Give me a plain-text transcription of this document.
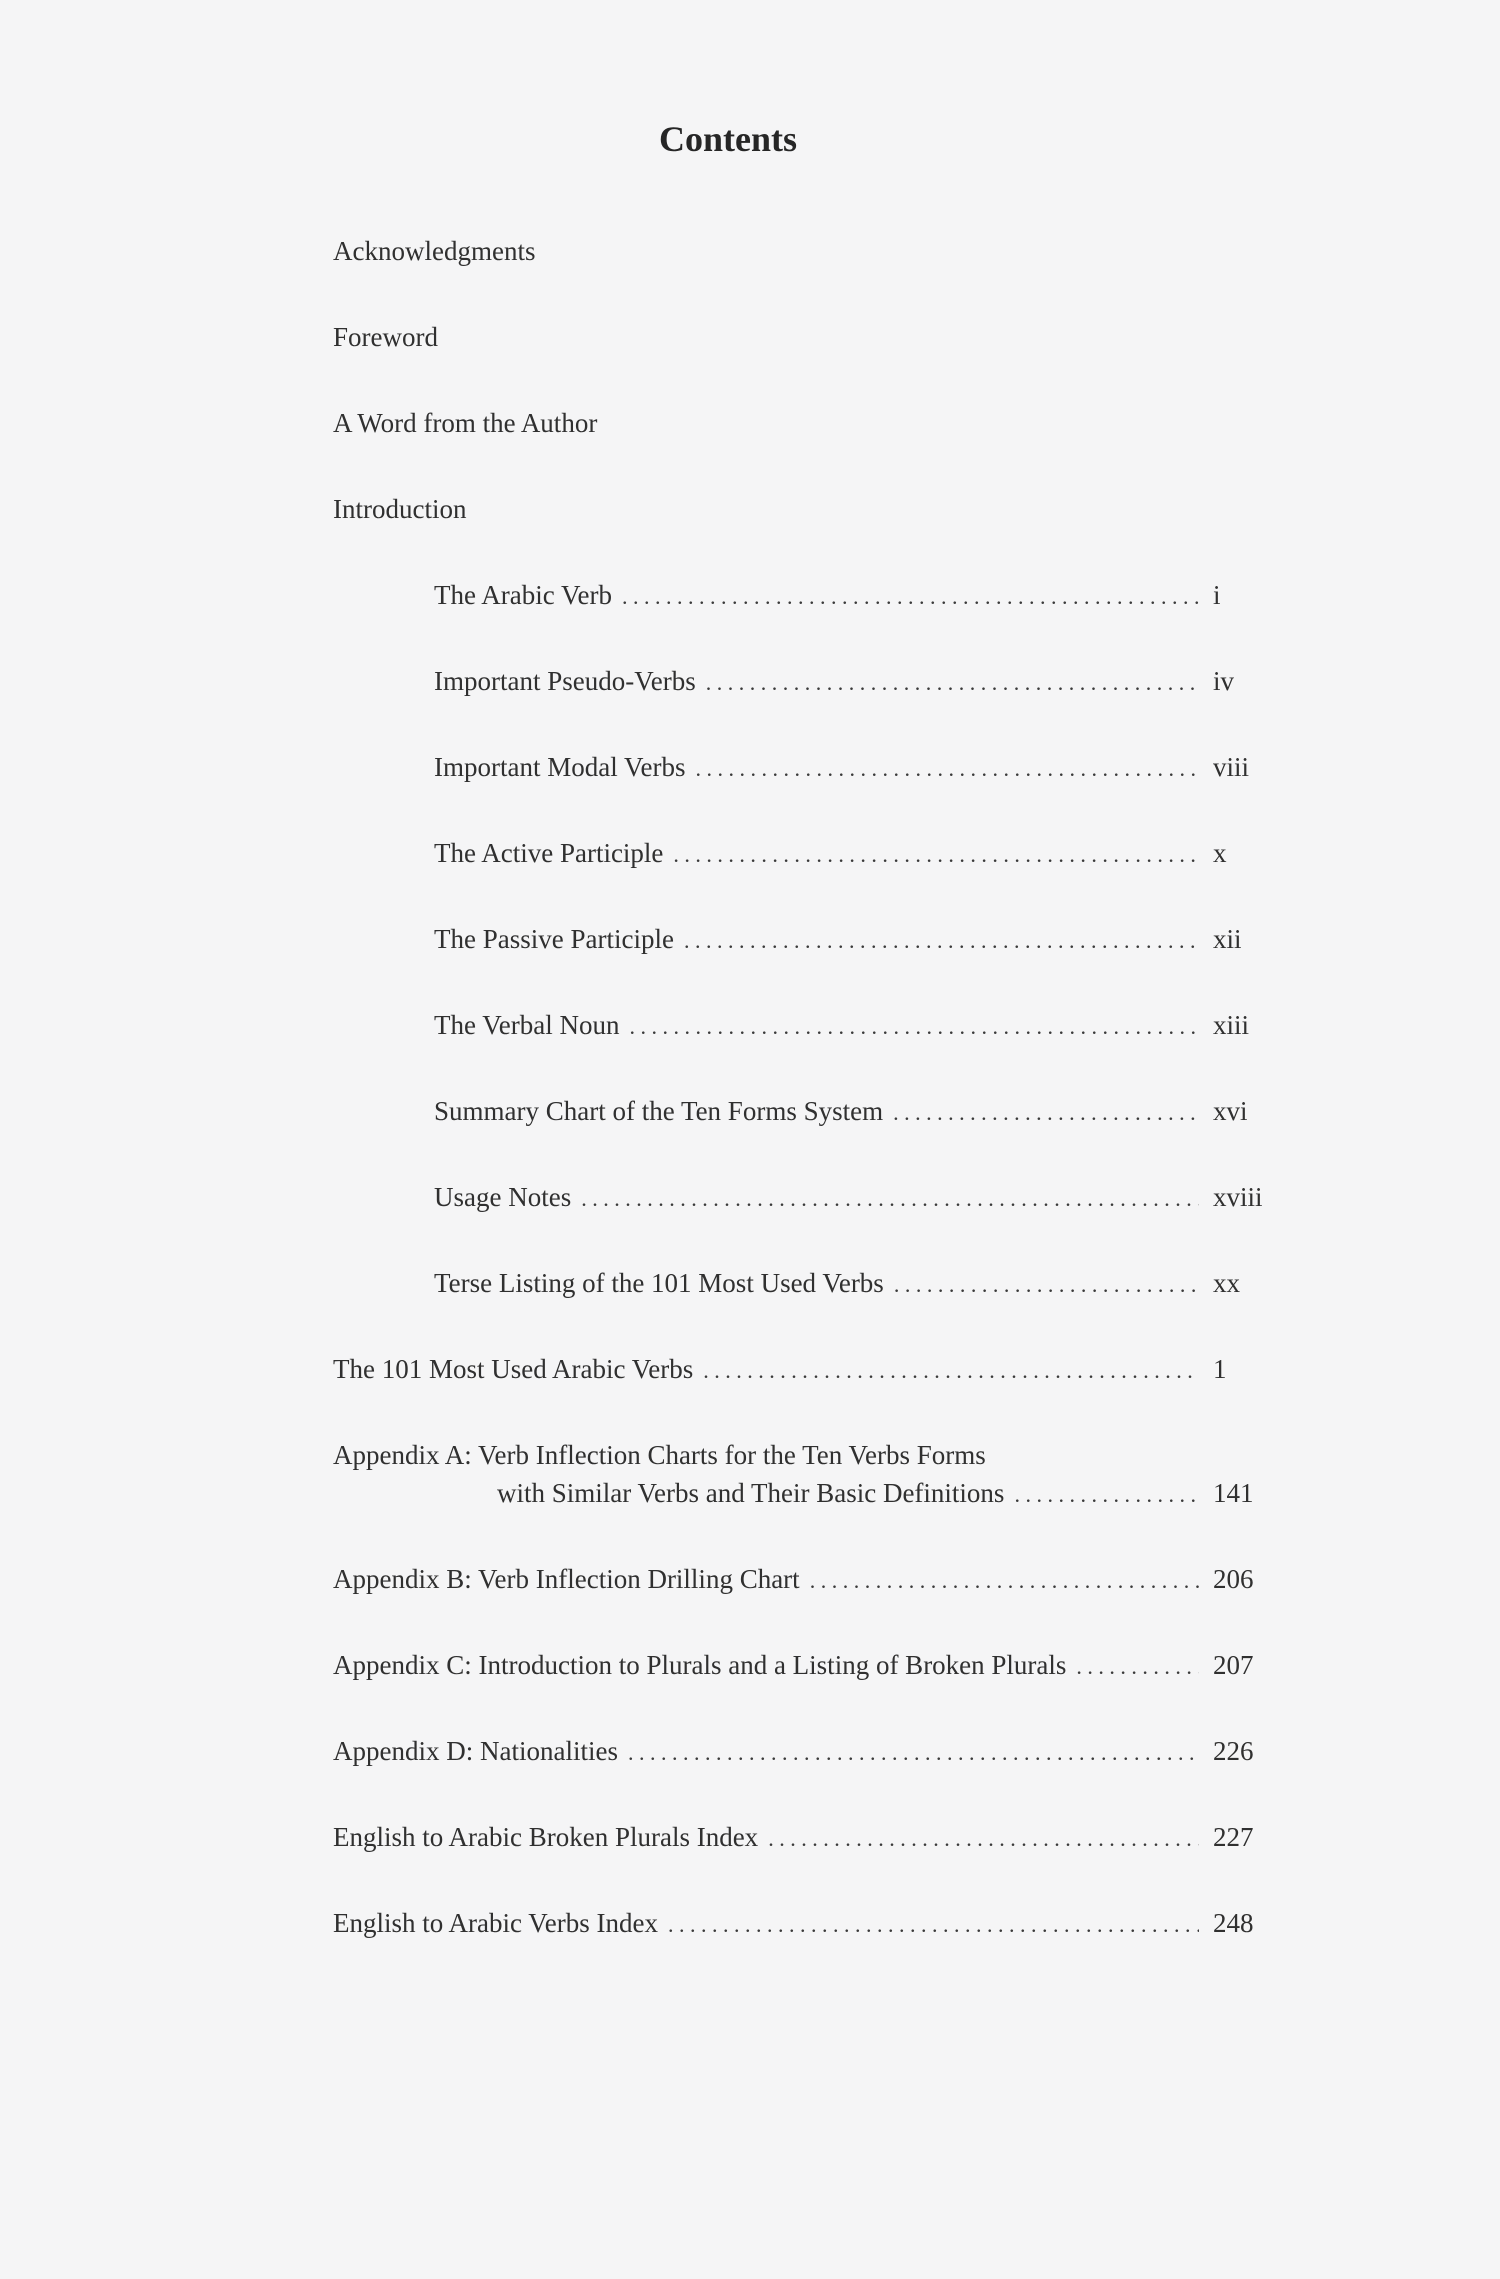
Contents
Acknowledgments
Foreword
A Word from the Author
Introduction
The Arabic Verb . . .	i
Important Pseudo-Verbs . . .	iv
Important Modal Verbs . . .	viii
The Active Participle . . .	x
The Passive Participle . . .	xii
The Verbal Noun . . .	xiii
Summary Chart of the Ten Forms System . . .	xvi
Usage Notes . . .	xviii
Terse Listing of the 101 Most Used Verbs . . .	xx
The 101 Most Used Arabic Verbs . . .	1
Appendix A: Verb Inflection Charts for the Ten Verbs Forms
with Similar Verbs and Their Basic Definitions . . .	141
Appendix B: Verb Inflection Drilling Chart . . .	206
Appendix C: Introduction to Plurals and a Listing of Broken Plurals . . .	207
Appendix D: Nationalities . . .	226
English to Arabic Broken Plurals Index . . .	227
English to Arabic Verbs Index . . .	248
